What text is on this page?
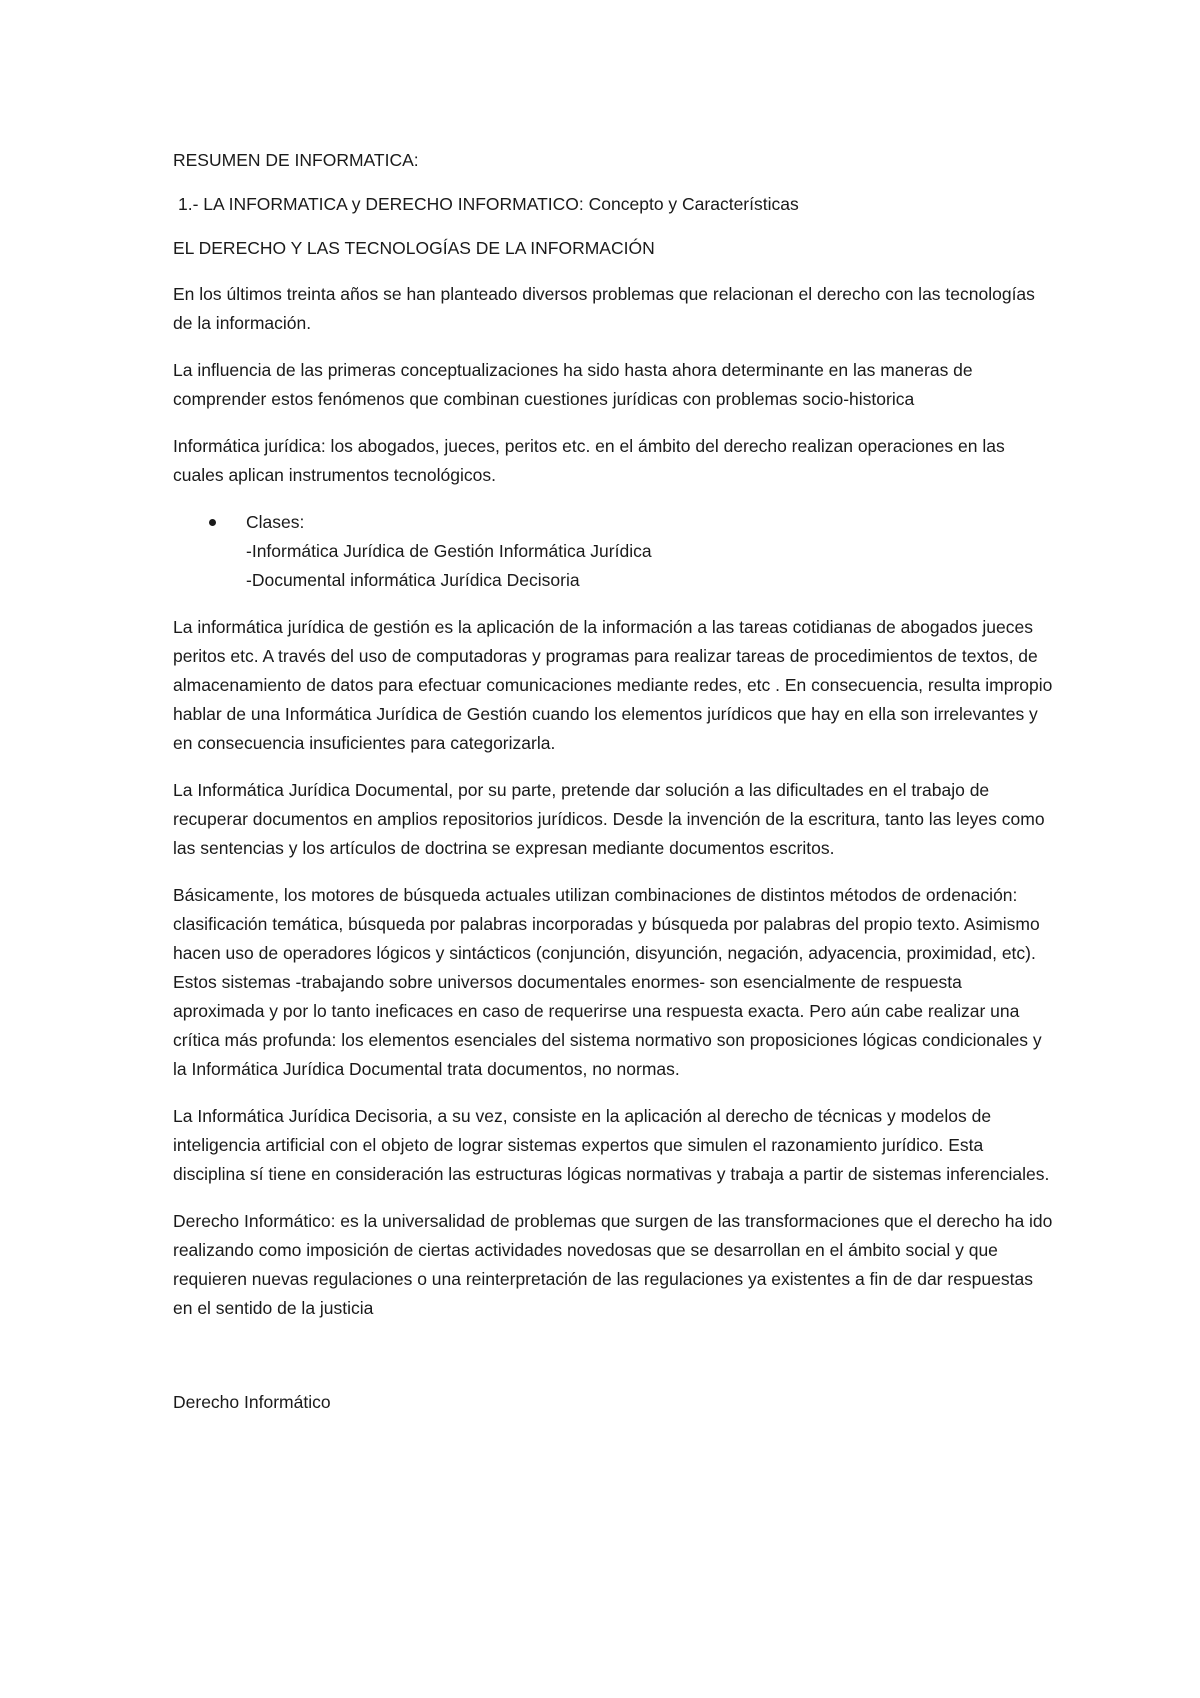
RESUMEN DE INFORMATICA:

1.- LA INFORMATICA y DERECHO INFORMATICO: Concepto y Características

EL DERECHO Y LAS TECNOLOGÍAS DE LA INFORMACIÓN

En los últimos treinta años se han planteado diversos problemas que relacionan el derecho con las tecnologías de la información.

La influencia de las primeras conceptualizaciones ha sido hasta ahora determinante en las maneras de comprender estos fenómenos que combinan cuestiones jurídicas con problemas socio-historica

Informática jurídica: los abogados, jueces, peritos etc. en el ámbito del derecho realizan operaciones en las cuales aplican instrumentos tecnológicos.

Clases:
-Informática Jurídica de Gestión Informática Jurídica
-Documental informática Jurídica Decisoria

La informática jurídica de gestión es la aplicación de la información a las tareas cotidianas de abogados jueces peritos etc. A través del uso de computadoras y programas para realizar tareas de procedimientos de textos, de almacenamiento de datos para efectuar comunicaciones mediante redes, etc . En consecuencia, resulta impropio hablar de una Informática Jurídica de Gestión cuando los elementos jurídicos que hay en ella son irrelevantes y en consecuencia insuficientes para categorizarla.

La Informática Jurídica Documental, por su parte, pretende dar solución a las dificultades en el trabajo de recuperar documentos en amplios repositorios jurídicos. Desde la invención de la escritura, tanto las leyes como las sentencias y los artículos de doctrina se expresan mediante documentos escritos.

Básicamente, los motores de búsqueda actuales utilizan combinaciones de distintos métodos de ordenación: clasificación temática, búsqueda por palabras incorporadas y búsqueda por palabras del propio texto. Asimismo hacen uso de operadores lógicos y sintácticos (conjunción, disyunción, negación, adyacencia, proximidad, etc). Estos sistemas -trabajando sobre universos documentales enormes- son esencialmente de respuesta aproximada y por lo tanto ineficaces en caso de requerirse una respuesta exacta. Pero aún cabe realizar una crítica más profunda: los elementos esenciales del sistema normativo son proposiciones lógicas condicionales y la Informática Jurídica Documental trata documentos, no normas.

La Informática Jurídica Decisoria, a su vez, consiste en la aplicación al derecho de técnicas y modelos de inteligencia artificial con el objeto de lograr sistemas expertos que simulen el razonamiento jurídico. Esta disciplina sí tiene en consideración las estructuras lógicas normativas y trabaja a partir de sistemas inferenciales.

Derecho Informático: es la universalidad de problemas que surgen de las transformaciones que el derecho ha ido realizando como imposición de ciertas actividades novedosas que se desarrollan en el ámbito social y que requieren nuevas regulaciones o una reinterpretación de las regulaciones ya existentes a fin de dar respuestas en el sentido de la justicia

Derecho Informático
